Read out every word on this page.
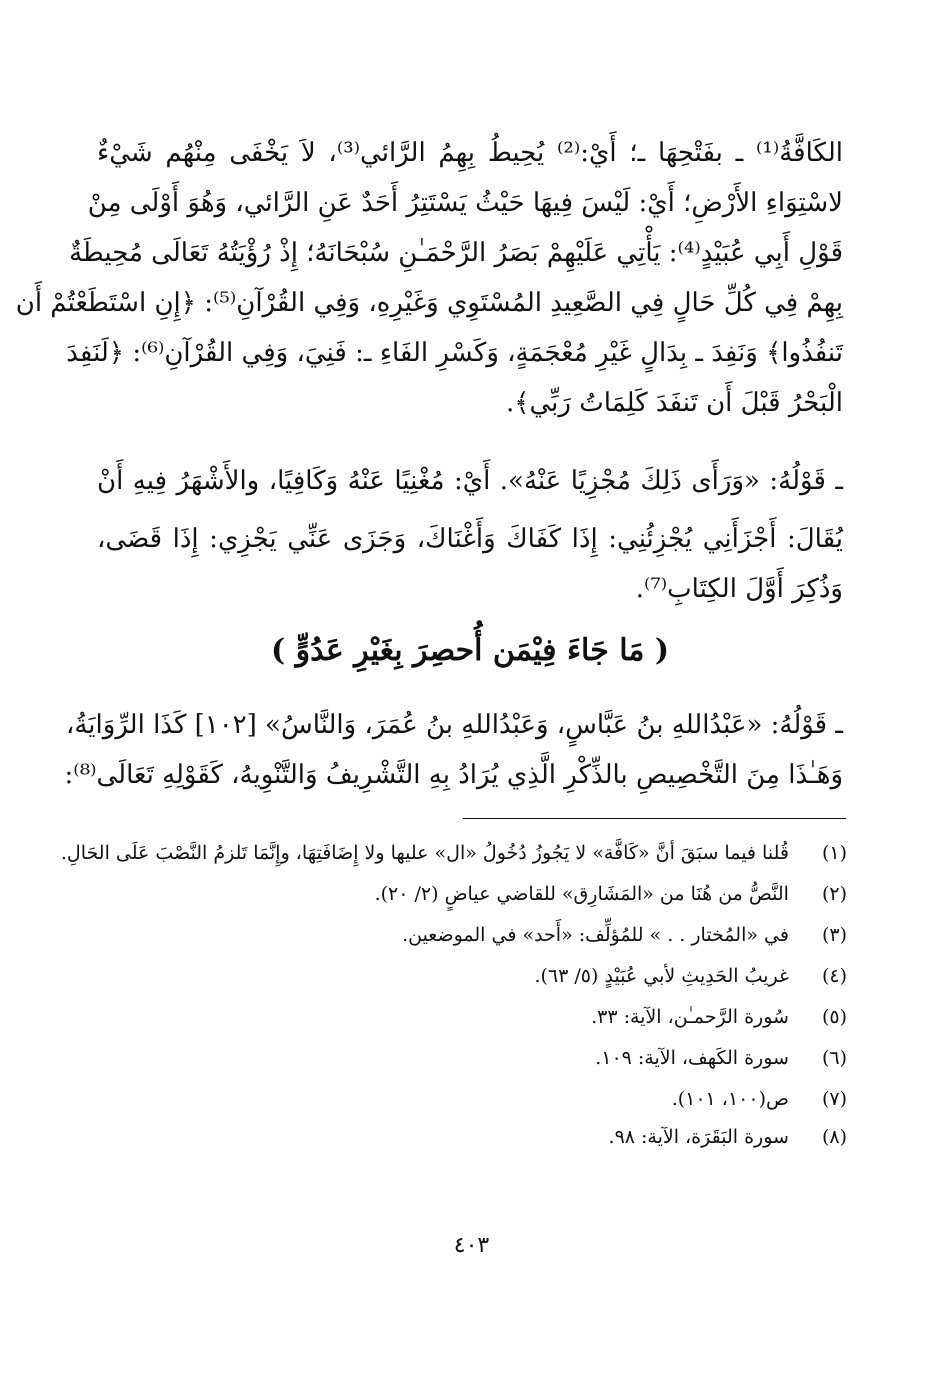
الكَافَّةُ⁽¹⁾ ـ بفَتْحِهَا ـ؛ أَيْ:⁽²⁾ يُحِيطُ بِهِمُ الرَّائي⁽³⁾، لاَ يَخْفَى مِنْهُم شَيْءٌ
لاسْتِوَاءِ الأَرْضِ؛ أَيْ: لَيْسَ فِيهَا حَيْثُ يَسْتَتِرُ أَحَدٌ عَنِ الرَّائي، وَهُوَ أَوْلَى مِنْ
قَوْلِ أَبِي عُبَيْدٍ⁽⁴⁾: يَأْتِي عَلَيْهِمْ بَصَرُ الرَّحْمَـٰنِ سُبْحَانَهُ؛ إِذْ رُؤْيَتُهُ تَعَالَى مُحِيطَةٌ
بِهِمْ فِي كُلِّ حَالٍ فِي الصَّعِيدِ المُسْتَوِي وَغَيْرِهِ، وَفِي القُرْآنِ⁽⁵⁾: ﴿إِنِ اسْتَطَعْتُمْ أَن
تَنفُذُوا﴾ وَنَفِدَ ـ بِدَالٍ غَيْرِ مُعْجَمَةٍ، وَكَسْرِ الفَاءِ ـ: فَنِيَ، وَفِي القُرْآنِ⁽⁶⁾: ﴿لَنَفِدَ
الْبَحْرُ قَبْلَ أَن تَنفَدَ كَلِمَاتُ رَبِّي﴾.
ـ قَوْلُهُ: «وَرَأَى ذَلِكَ مُجْزِيًا عَنْهُ». أَيْ: مُغْنِيًا عَنْهُ وَكَافِيًا، والأَشْهَرُ فِيهِ أَنْ
يُقَالَ: أَجْزَأَنِي يُجْزِئُنِي: إِذَا كَفَاكَ وَأَغْنَاكَ، وَجَزَى عَنِّي يَجْزِي: إِذَا قَضَى،
وَذُكِرَ أَوَّلَ الكِتَابِ⁽⁷⁾.
( مَا جَاءَ فِيْمَن أُحصِرَ بِغَيْرِ عَدُوٍّ )
ـ قَوْلُهُ: «عَبْدُاللهِ بنُ عَبَّاسٍ، وَعَبْدُاللهِ بنُ عُمَرَ، وَالنَّاسُ» [١٠٢] كَذَا الرِّوَايَةُ،
وَهَـٰذَا مِنَ التَّخْصِيصِ بالذِّكْرِ الَّذِي يُرَادُ بِهِ التَّشْرِيفُ وَالتَّنْوِيهُ، كَقَوْلِهِ تَعَالَى⁽⁸⁾:
(١) قُلنا فيما سبَقَ أنَّ «كَافَّة» لا يَجُوزُ دُخُولُ «ال» عليها ولا إِضَافَتِهَا، وإِنَّمَا تَلزمُ النَّصْبَ عَلَى الحَالِ.
(٢) النَّصُّ من هُنَا من «المَشَارِق» للقاضي عياضٍ (٢/ ٢٠).
(٣) في «المُختار . . » للمُؤلِّف: «أَحد» في الموضعين.
(٤) غريبُ الحَدِيثِ لأبي عُبَيْدٍ (٥/ ٦٣).
(٥) سُورة الرَّحمـٰن، الآية: ٣٣.
(٦) سورة الكَهف، الآية: ١٠٩.
(٧) ص(١٠٠، ١٠١).
(٨) سورة البَقَرَة، الآية: ٩٨.
٤٠٣
